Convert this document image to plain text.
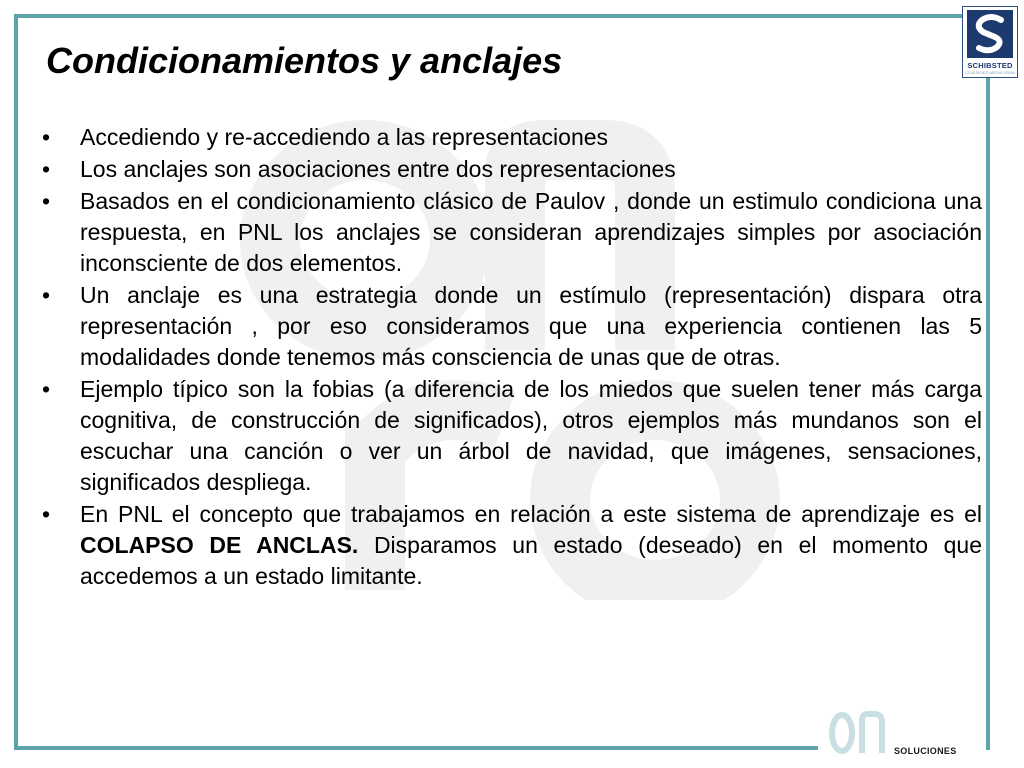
SCHIBSTED
CLASSIFIED MEDIA SPAIN
Condicionamientos y anclajes
• Accediendo y re-accediendo a las representaciones
• Los anclajes son asociaciones entre dos representaciones
• Basados en el condicionamiento clásico de Paulov , donde un estimulo condiciona una respuesta, en PNL los anclajes se consideran aprendizajes simples por asociación inconsciente de dos elementos.
• Un anclaje es una estrategia donde un estímulo (representación) dispara otra representación , por eso consideramos que una experiencia contienen las 5 modalidades donde tenemos más consciencia de unas que de otras.
• Ejemplo típico son la fobias (a diferencia de los miedos que suelen tener más carga cognitiva, de construcción de significados), otros ejemplos más mundanos son el escuchar una canción o ver un árbol de navidad, que imágenes, sensaciones, significados despliega.
• En PNL el concepto que trabajamos en relación a este sistema de aprendizaje es el COLAPSO DE ANCLAS. Disparamos un estado (deseado) en el momento que accedemos a un estado limitante.
SOLUCIONES
